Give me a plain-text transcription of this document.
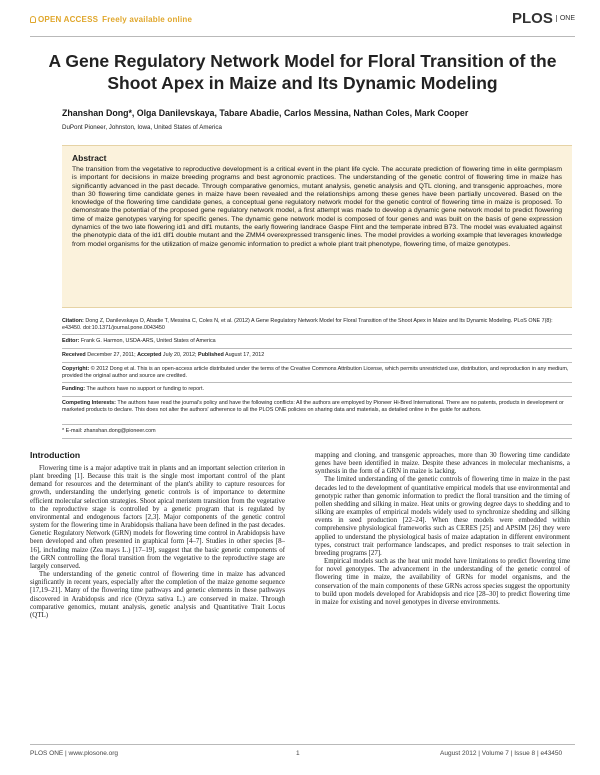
OPEN ACCESS Freely available online	PLOS $^{ONE}$
A Gene Regulatory Network Model for Floral Transition of the Shoot Apex in Maize and Its Dynamic Modeling
Zhanshan Dong*, Olga Danilevskaya, Tabare Abadie, Carlos Messina, Nathan Coles, Mark Cooper
DuPont Pioneer, Johnston, Iowa, United States of America
Abstract

The transition from the vegetative to reproductive development is a critical event in the plant life cycle. The accurate prediction of flowering time in elite germplasm is important for decisions in maize breeding programs and best agronomic practices. The understanding of the genetic control of flowering time in maize has significantly advanced in the past decade. Through comparative genomics, mutant analysis, genetic analysis and QTL cloning, and transgenic approaches, more than 30 flowering time candidate genes in maize have been revealed and the relationships among these genes have been partially uncovered. Based on the knowledge of the flowering time candidate genes, a conceptual gene regulatory network model for the genetic control of flowering time in maize is proposed. To demonstrate the potential of the proposed gene regulatory network model, a first attempt was made to develop a dynamic gene network model to predict flowering time of maize genotypes varying for specific genes. The dynamic gene network model is composed of four genes and was built on the basis of gene expression dynamics of the two late flowering id1 and dlf1 mutants, the early flowering landrace Gaspe Flint and the temperate inbred B73. The model was evaluated against the phenotypic data of the id1 dlf1 double mutant and the ZMM4 overexpressed transgenic lines. The model provides a working example that leverages knowledge from model organisms for the utilization of maize genomic information to predict a whole plant trait phenotype, flowering time, of maize genotypes.

Citation: Dong Z, Danilevskaya O, Abadie T, Messina C, Coles N, et al. (2012) A Gene Regulatory Network Model for Floral Transition of the Shoot Apex in Maize and Its Dynamic Modeling. PLoS ONE 7(8): e43450. doi:10.1371/journal.pone.0043450
Editor: Frank G. Harmon, USDA-ARS, United States of America
Received December 27, 2011; Accepted July 20, 2012; Published August 17, 2012
Copyright: © 2012 Dong et al. This is an open-access article distributed under the terms of the Creative Commons Attribution License, which permits unrestricted use, distribution, and reproduction in any medium, provided the original author and source are credited.
Funding: The authors have no support or funding to report.
Competing Interests: The authors have read the journal's policy and have the following conflicts: All the authors are employed by Pioneer Hi-Bred International. There are no patents, products in development or marketed products to declare. This does not alter the authors' adherence to all the PLOS ONE policies on sharing data and materials, as detailed online in the guide for authors.
* E-mail: zhanshan.dong@pioneer.com
Introduction

Flowering time is a major adaptive trait in plants and an important selection criterion in plant breeding [1]. Because this trait is the single most important control of the plant demand for resources and the determinant of the plant's ability to capture resources for growth, understanding the underlying genetic controls is of importance to determine efficient molecular selection strategies. Shoot apical meristem transition from the vegetative to the reproductive stage is controlled by a genetic program that is regulated by environmental and endogenous factors [2,3]. Major components of the genetic control system for the flowering time in Arabidopsis thaliana have been defined in the past decades. Genetic Regulatory Network (GRN) models for flowering time control in Arabidopsis have been developed and often presented in graphical form [4–7]. Studies in other species [8–16], including maize (Zea mays L.) [17–19], suggest that the basic genetic components of the GRN controlling the floral transition from the vegetative to the reproductive stage are largely conserved.

The understanding of the genetic control of flowering time in maize has advanced significantly in recent years, especially after the completion of the maize genome sequence [17,19–21]. Many of the flowering time pathways and genetic elements in these pathways discovered in Arabidopsis and rice (Oryza sativa L.) are conserved in maize. Through comparative genomics, mutant analysis, genetic analysis and Quantitative Trait Locus (QTL)

mapping and cloning, and transgenic approaches, more than 30 flowering time candidate genes have been identified in maize. Despite these advances in molecular mechanisms, a synthesis in the form of a GRN in maize is lacking.

The limited understanding of the genetic controls of flowering time in maize in the past decades led to the development of quantitative empirical models that use environmental and genotypic rather than genomic information to predict the floral transition and the timing of pollen shedding and silking in maize. Heat units or growing degree days to shedding and to silking are examples of empirical models widely used to synchronize shedding and silking events in seed production [22–24]. When these models were embedded within comprehensive physiological frameworks such as CERES [25] and APSIM [26] they were applied to understand the physiological basis of maize adaptation in different environment types, construct trait performance landscapes, and predict responses to trait selection in breeding programs [27].

Empirical models such as the heat unit model have limitations to predict flowering time for novel genotypes. The advancement in the understanding of the genetic control of flowering time in maize, the availability of GRNs for model organisms, and the conservation of the main components of these GRNs across species suggest the opportunity to build upon models developed for Arabidopsis and rice [28–30] to predict flowering time in maize for existing and novel genotypes in diverse environments.

PLOS ONE | www.plosone.org	1	August 2012 | Volume 7 | Issue 8 | e43450
